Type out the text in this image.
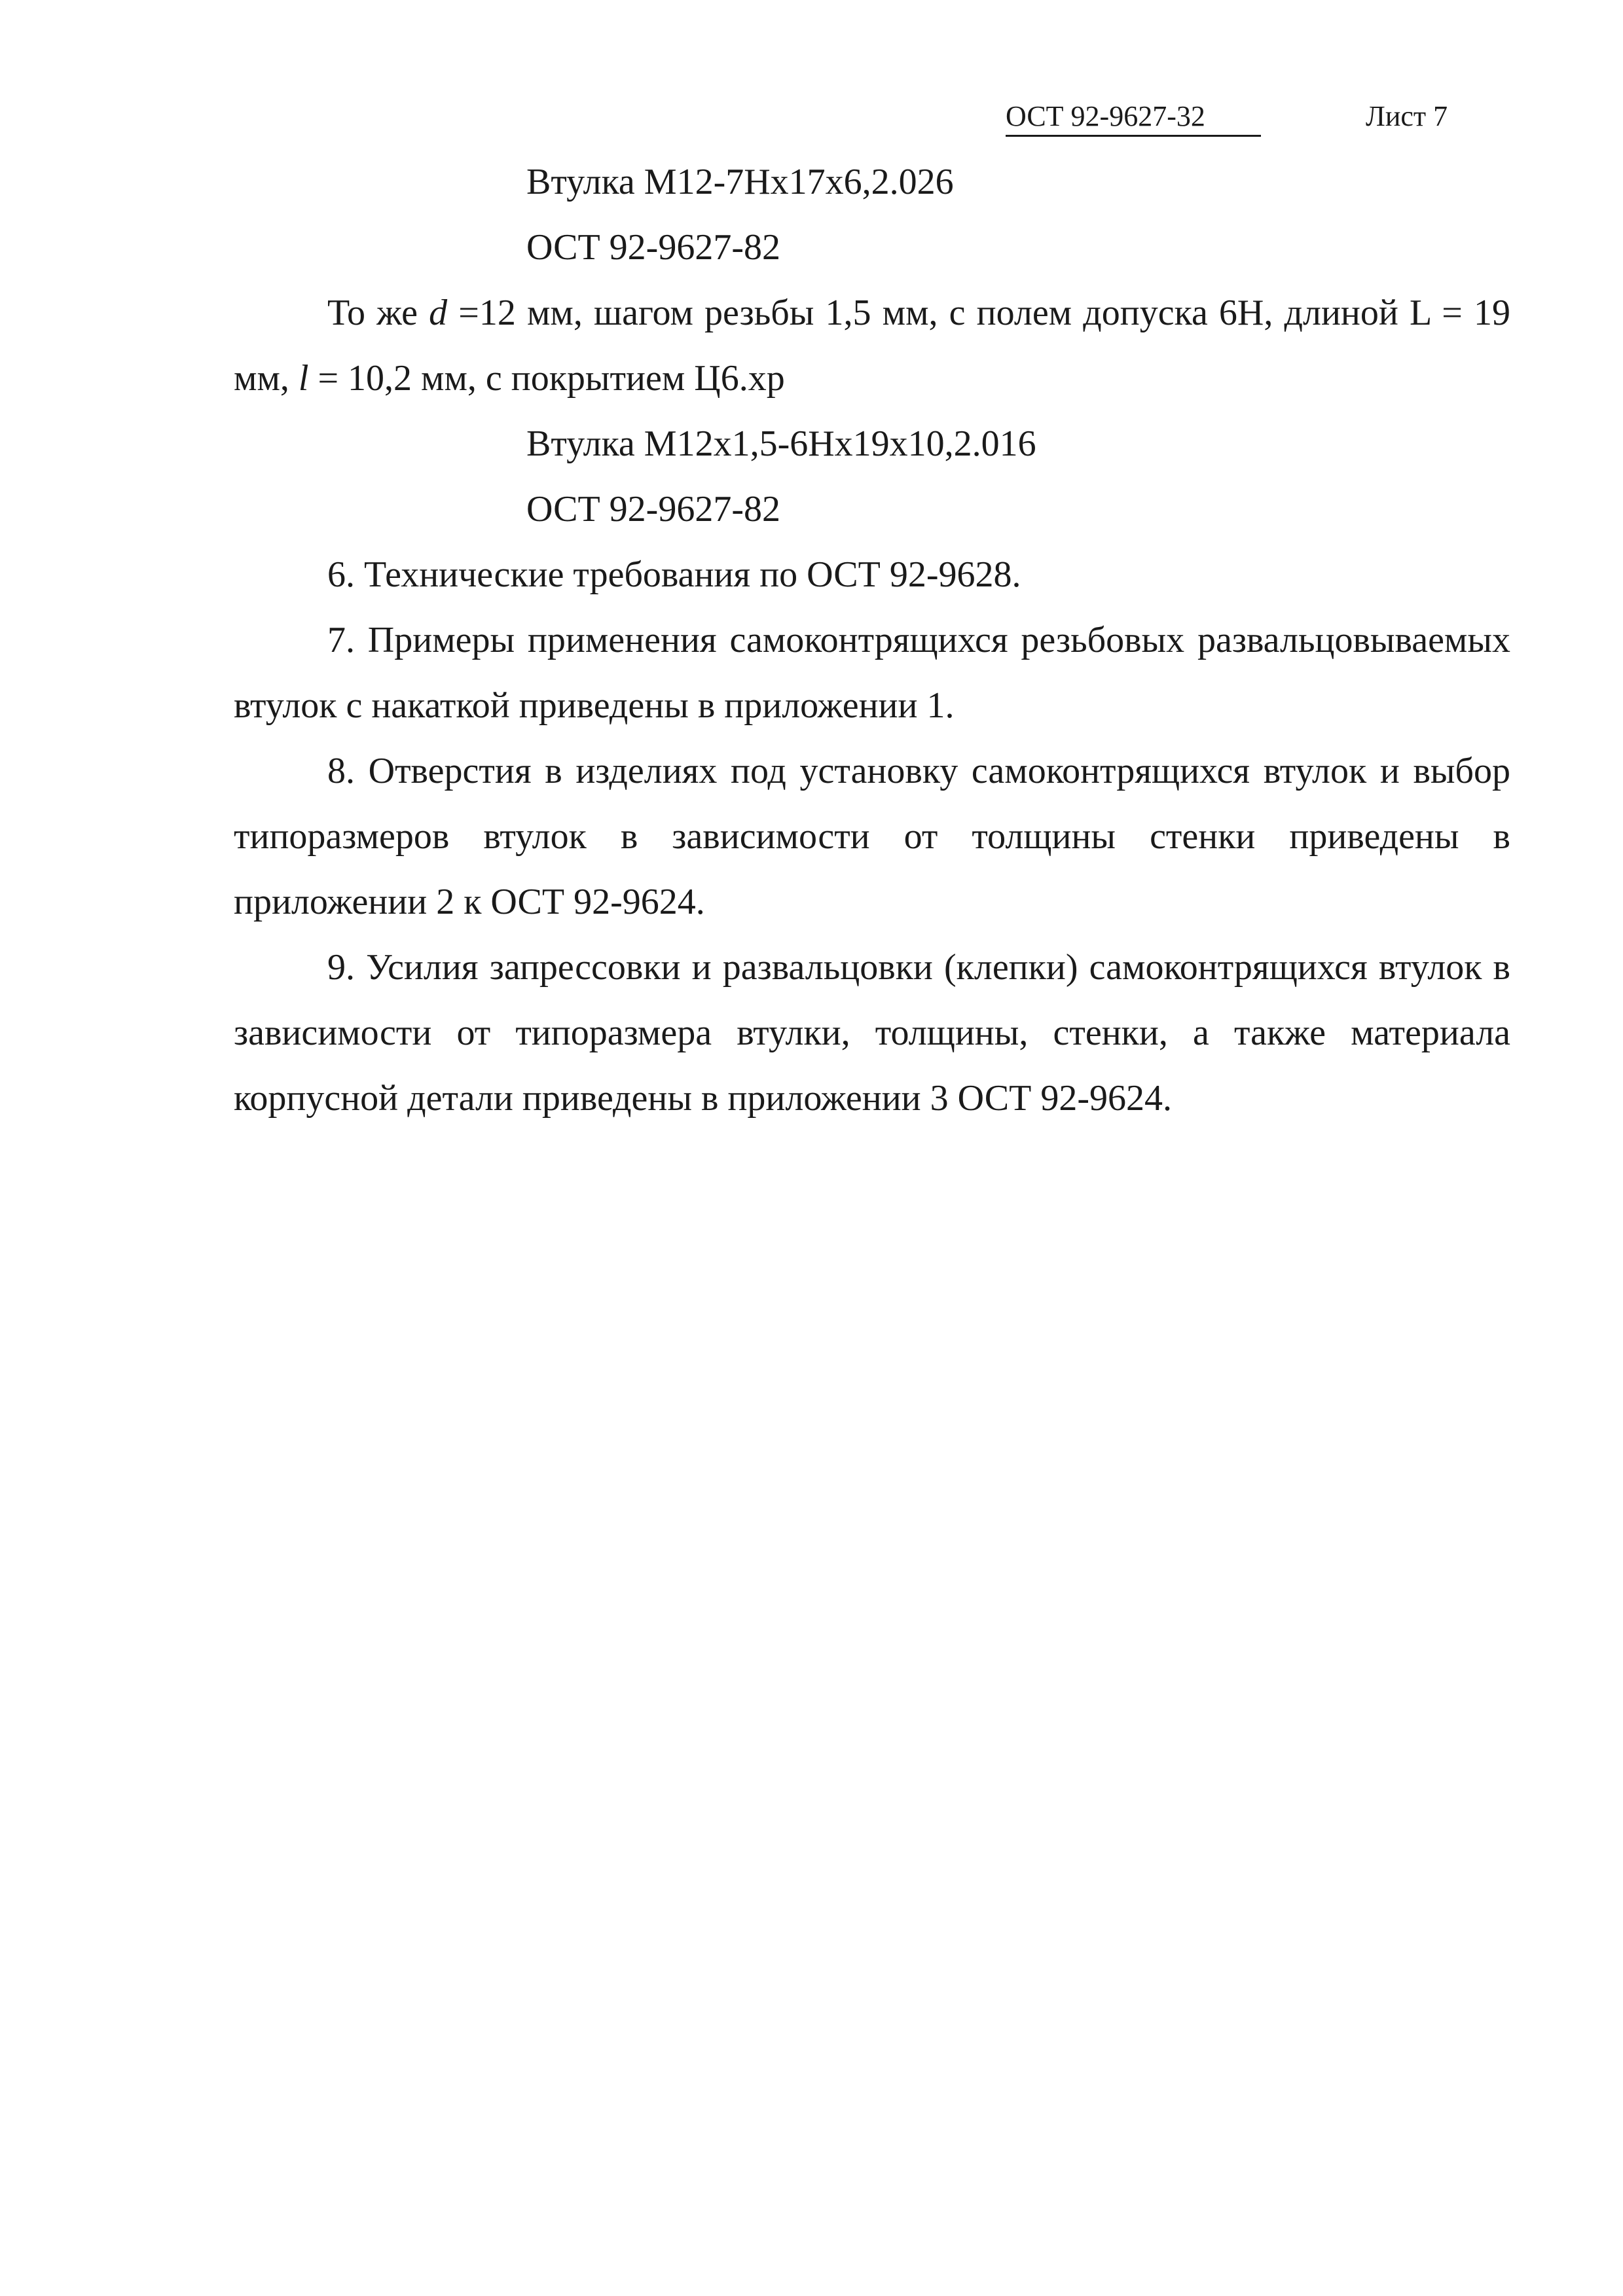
ОСТ 92-9627-32	Лист 7
Втулка М12-7Нх17х6,2.026
ОСТ 92-9627-82

То же d =12 мм, шагом резьбы 1,5 мм, с полем допуска 6Н, длиной L = 19 мм, l = 10,2 мм, с покрытием Ц6.хр

Втулка М12х1,5-6Нх19х10,2.016
ОСТ 92-9627-82

6. Технические требования по ОСТ 92-9628.

7. Примеры применения самоконтрящихся резьбовых развальцовываемых втулок с накаткой приведены в приложении 1.

8. Отверстия в изделиях под установку самоконтрящихся втулок и выбор типоразмеров втулок в зависимости от толщины стенки приведены в приложении 2 к ОСТ 92-9624.

9. Усилия запрессовки и развальцовки (клепки) самоконтрящихся втулок в зависимости от типоразмера втулки, толщины, стенки, а также материала корпусной детали приведены в приложении 3 ОСТ 92-9624.
